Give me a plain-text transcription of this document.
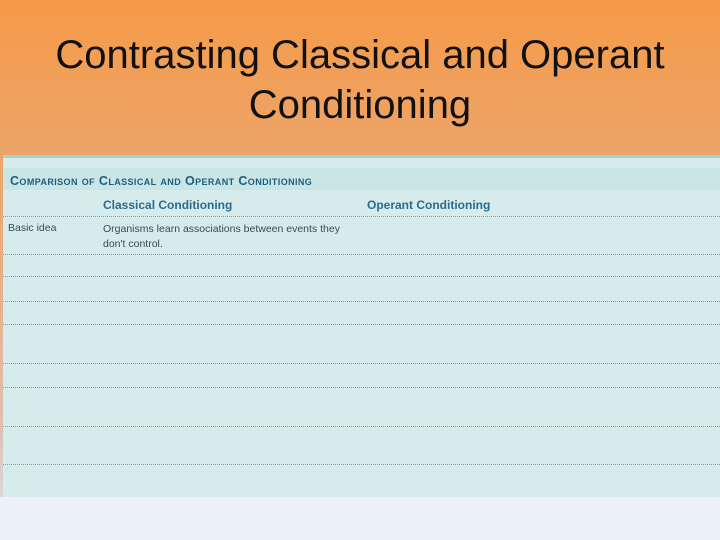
Contrasting Classical and Operant
Conditioning
Comparison of Classical and Operant Conditioning
Classical Conditioning	Operant Conditioning
Basic idea	Organisms learn associations between events they don't control.
